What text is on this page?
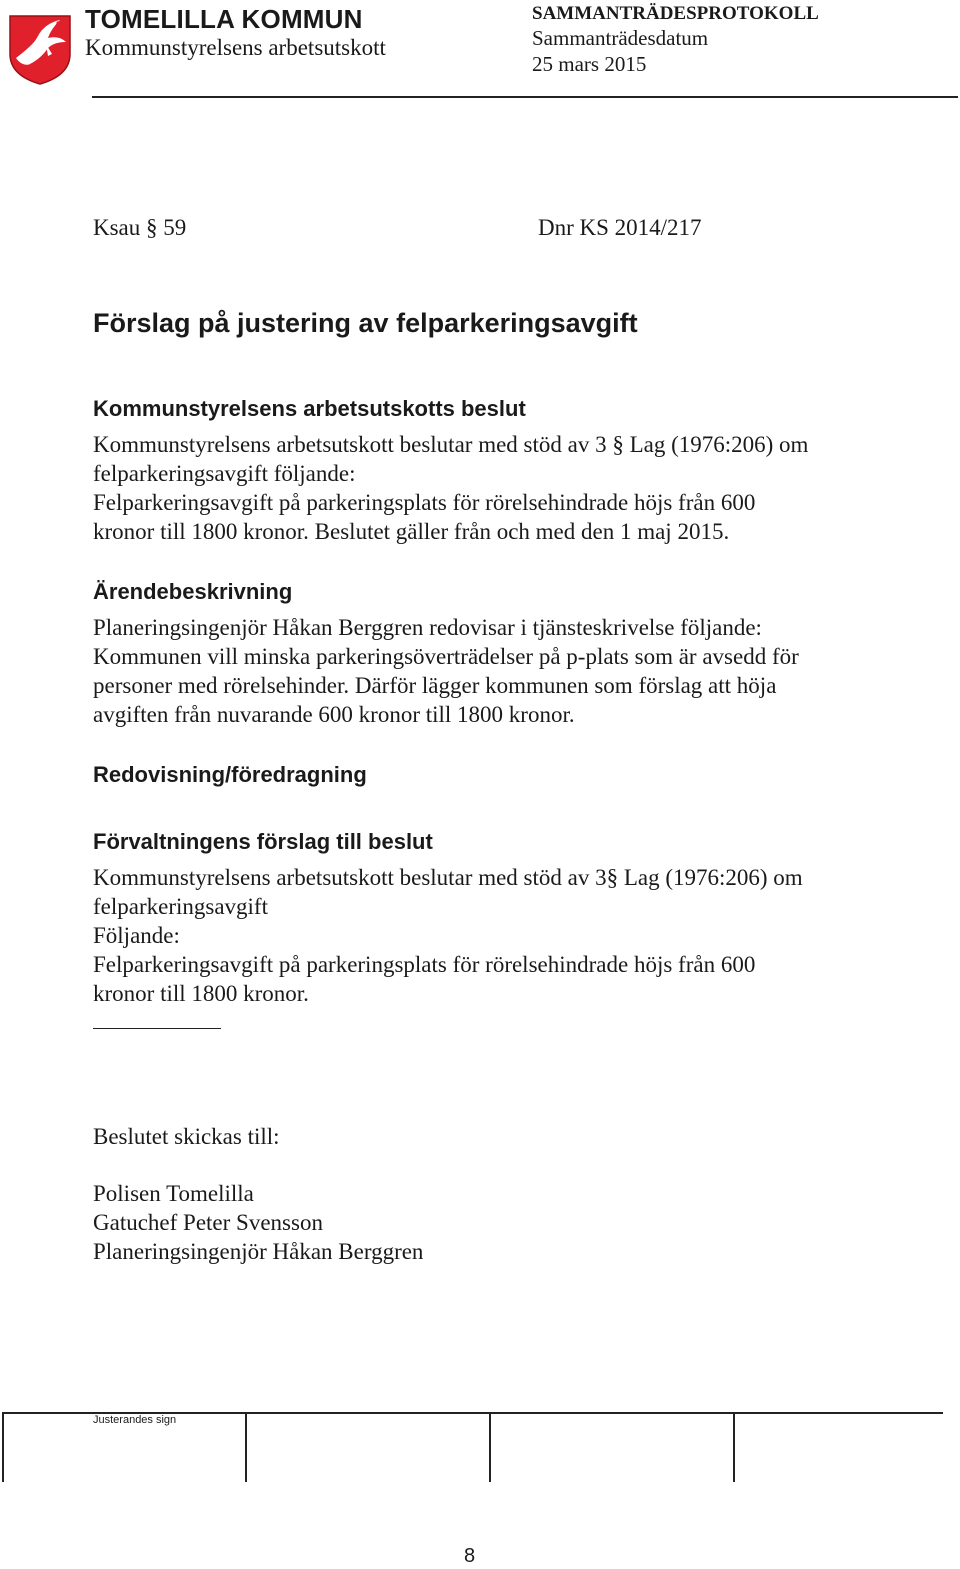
TOMELILLA KOMMUN
Kommunstyrelsens arbetsutskott
SAMMANTRÄDESPROTOKOLL
Sammanträdesdatum
25 mars 2015
Ksau § 59	Dnr KS 2014/217
Förslag på justering av felparkeringsavgift
Kommunstyrelsens arbetsutskotts beslut
Kommunstyrelsens arbetsutskott beslutar med stöd av 3 § Lag (1976:206) om
felparkeringsavgift följande:
Felparkeringsavgift på parkeringsplats för rörelsehindrade höjs från 600
kronor till 1800 kronor. Beslutet gäller från och med den 1 maj 2015.
Ärendebeskrivning
Planeringsingenjör Håkan Berggren redovisar i tjänsteskrivelse följande:
Kommunen vill minska parkeringsöverträdelser på p-plats som är avsedd för
personer med rörelsehinder. Därför lägger kommunen som förslag att höja
avgiften från nuvarande 600 kronor till 1800 kronor.
Redovisning/föredragning
Förvaltningens förslag till beslut
Kommunstyrelsens arbetsutskott beslutar med stöd av 3§ Lag (1976:206) om
felparkeringsavgift
Följande:
Felparkeringsavgift på parkeringsplats för rörelsehindrade höjs från 600
kronor till 1800 kronor.
Beslutet skickas till:
Polisen Tomelilla
Gatuchef Peter Svensson
Planeringsingenjör Håkan Berggren
Justerandes sign
8
